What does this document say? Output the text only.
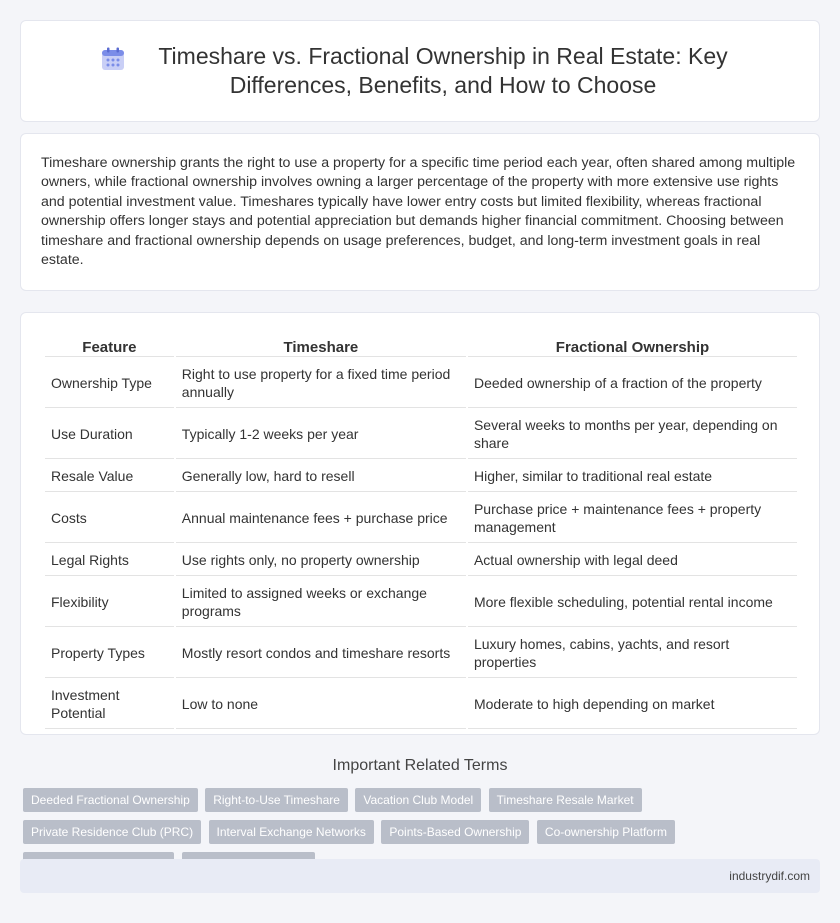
Timeshare vs. Fractional Ownership in Real Estate: Key Differences, Benefits, and How to Choose

Timeshare ownership grants the right to use a property for a specific time period each year, often shared among multiple owners, while fractional ownership involves owning a larger percentage of the property with more extensive use rights and potential investment value. Timeshares typically have lower entry costs but limited flexibility, whereas fractional ownership offers longer stays and potential appreciation but demands higher financial commitment. Choosing between timeshare and fractional ownership depends on usage preferences, budget, and long-term investment goals in real estate.

Feature	Timeshare	Fractional Ownership
Ownership Type	Right to use property for a fixed time period annually	Deeded ownership of a fraction of the property
Use Duration	Typically 1-2 weeks per year	Several weeks to months per year, depending on share
Resale Value	Generally low, hard to resell	Higher, similar to traditional real estate
Costs	Annual maintenance fees + purchase price	Purchase price + maintenance fees + property management
Legal Rights	Use rights only, no property ownership	Actual ownership with legal deed
Flexibility	Limited to assigned weeks or exchange programs	More flexible scheduling, potential rental income
Property Types	Mostly resort condos and timeshare resorts	Luxury homes, cabins, yachts, and resort properties
Investment Potential	Low to none	Moderate to high depending on market
Important Related Terms
Deeded Fractional Ownership Right-to-Use Timeshare Vacation Club Model Timeshare Resale Market Private Residence Club (PRC) Interval Exchange Networks Points-Based Ownership Co-ownership Platform
industrydif.com
